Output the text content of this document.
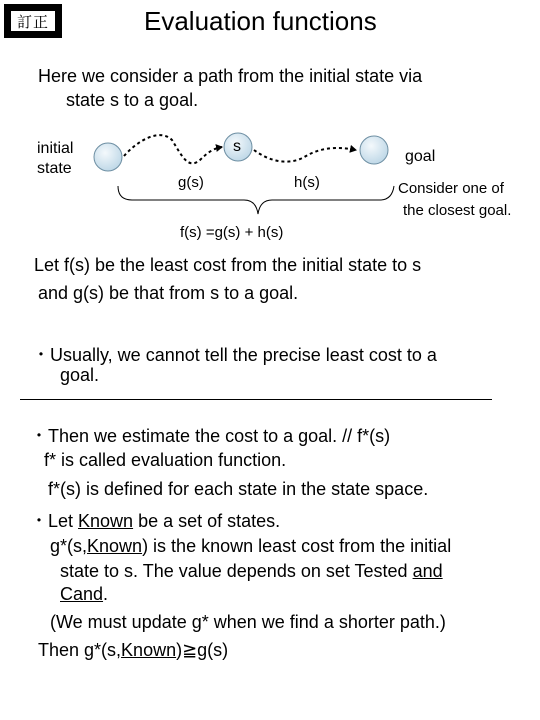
訂正	Evaluation functions
Here we consider a path from the initial state via
state s to a goal.
initial
state
s
goal
g(s)	h(s)
f(s) =g(s) + h(s)
Consider one of
the closest goal.
Let f(s) be the least cost from the initial state to s
and g(s) be that from s to a goal.
・Usually, we cannot tell the precise least cost to a
goal.
・Then we estimate the cost to a goal. // f*(s)
f* is called evaluation function.
f*(s) is defined for each state in the state space.
・Let Known be a set of states.
g*(s,Known) is the known least cost from the initial
state to s. The value depends on set Tested and
Cand.
(We must update g* when we find a shorter path.)
Then g*(s,Known)≧g(s)
